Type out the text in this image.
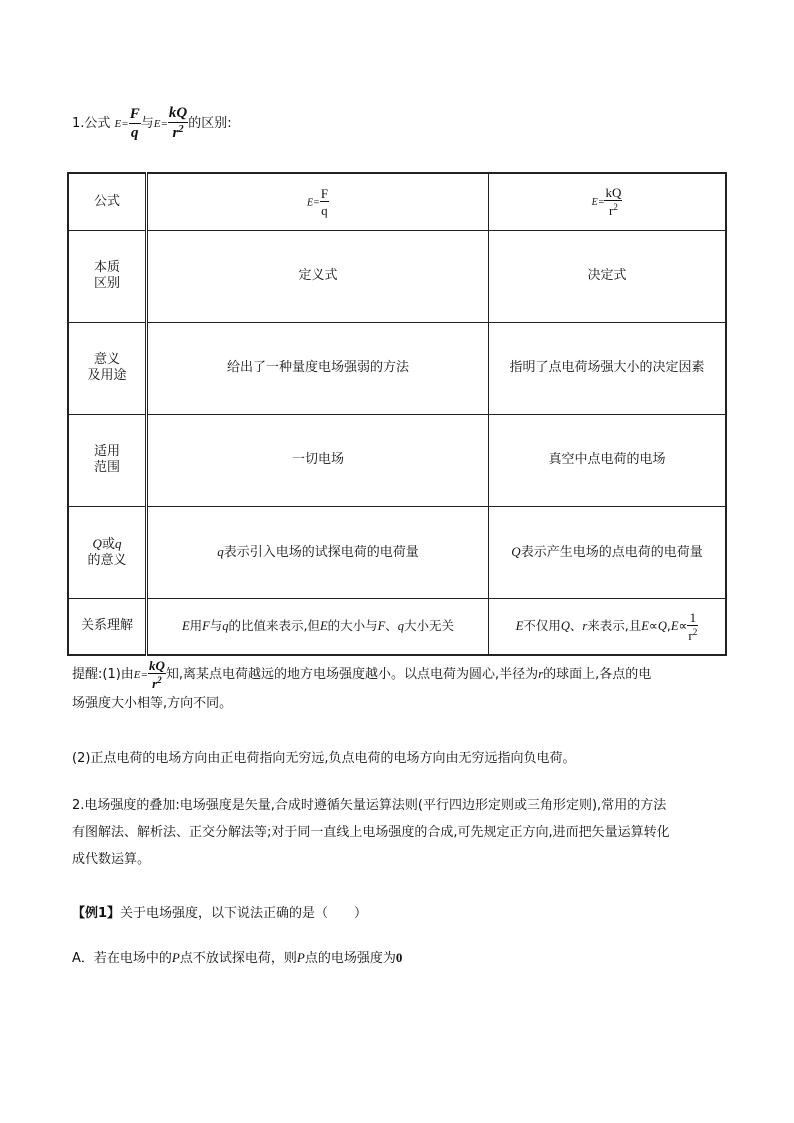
1.公式 $E= \frac{F}{q}$ 与$E= \frac{kQ}{r^2}$ 的区别:
公式	$E= \frac{F}{q}$	$E= \frac{kQ}{r^2}$

本质
区别	定义式	决定式
意义
及用途	给出了一种量度电场强弱的方法	指明了点电荷场强大小的决定因素
适用
范围	一切电场	真空中点电荷的电场
Q或q
的意义	q表示引入电场的试探电荷的电荷量	Q表示产生电场的点电荷的电荷量
关系理解	E用F与q的比值来表示,但E的大小与F、q大小无关	E不仅用Q、r来表示,且$E\propto Q,E\propto \frac{1}{r^2}$
提醒:(1)由$E= \frac{kQ}{r^2}$ 知,离某点电荷越远的地方电场强度越小。以点电荷为圆心,半径为r的球面上,各点的电
场强度大小相等,方向不同。
(2)正点电荷的电场方向由正电荷指向无穷远,负点电荷的电场方向由无穷远指向负电荷。
2.电场强度的叠加:电场强度是矢量,合成时遵循矢量运算法则(平行四边形定则或三角形定则),常用的方法
有图解法、解析法、正交分解法等;对于同一直线上电场强度的合成,可先规定正方向,进而把矢量运算转化
成代数运算。
【例1】关于电场强度，以下说法正确的是（　　）
A．若在电场中的P点不放试探电荷，则P点的电场强度为0
